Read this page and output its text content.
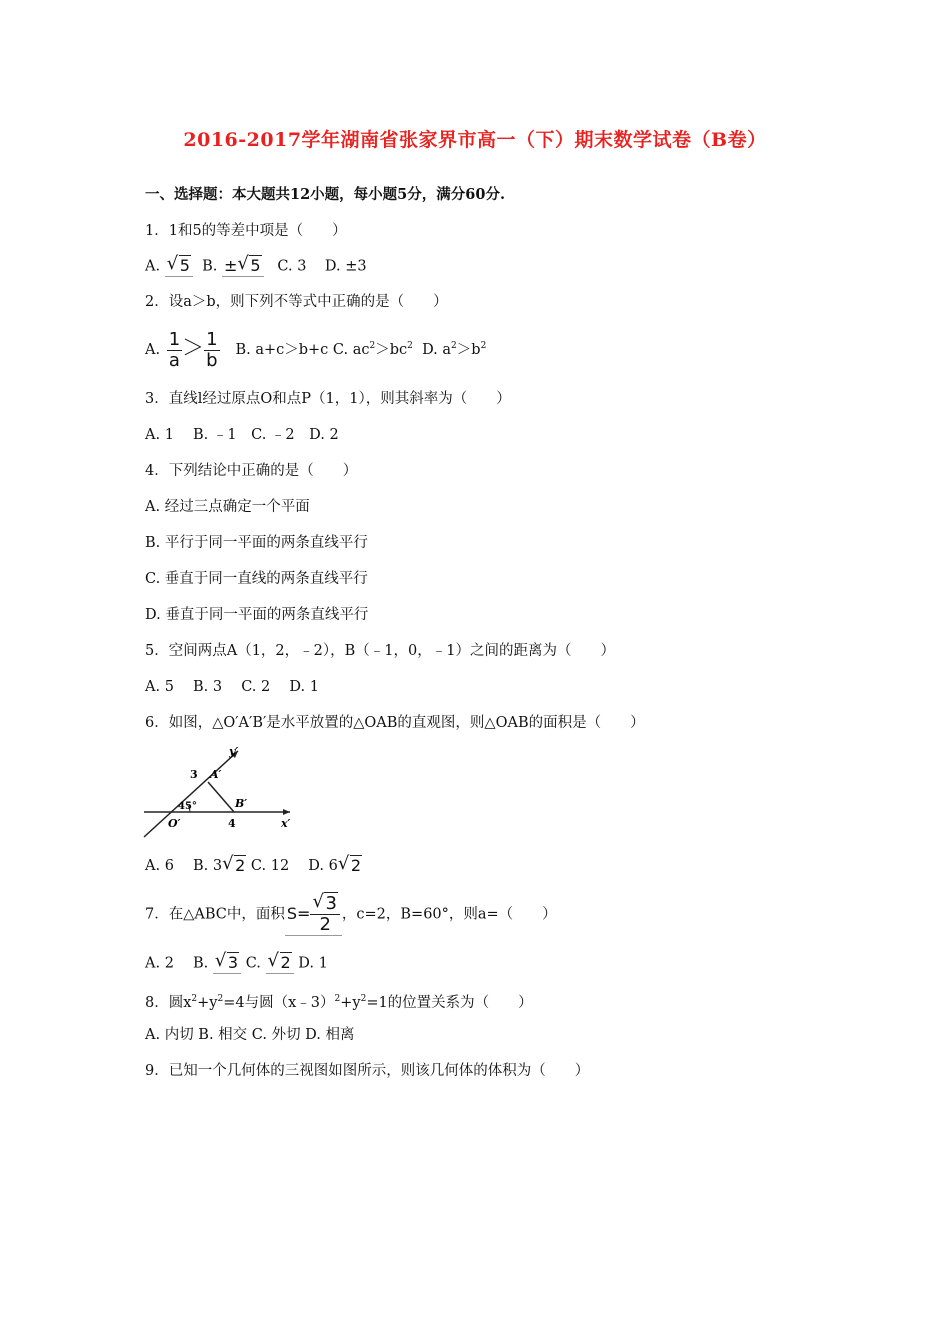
2016-2017学年湖南省张家界市高一（下）期末数学试卷（B卷）
一、选择题：本大题共12小题，每小题5分，满分60分.
1．1和5的等差中项是（　　）
A. √ 5 B. ± √ 5 C. 3 D. ±3
2．设a＞b，则下列不等式中正确的是（　　）
A. $\frac{1}{a} > \frac{1}{b} B$. a+c＞b+c C. $ac^2>bc^2$ D. $a^2>b^2$
3．直线l经过原点O和点P（1，1），则其斜率为（　　）
A. 1　 B. ﹣1　C. ﹣2　D. 2
4．下列结论中正确的是（　　）
A. 经过三点确定一个平面
B. 平行于同一平面的两条直线平行
C. 垂直于同一直线的两条直线平行
D. 垂直于同一平面的两条直线平行
5．空间两点A（1，2，﹣2），B（﹣1，0，﹣1）之间的距离为（　　）
A. 5　 B. 3　 C. 2　 D. 1
6．如图，△O′A′B′是水平放置的△OAB的直观图，则△OAB的面积是（　　）
y′
A′
3
45°	B′
O′	4	x′
A. 6　 B. 3 √ 2 C. 12　 D. 6 √ 2
7．在△ABC中，面积 S= √ $\frac{3}{2}$ ，c=2，B=60°，则a=（　　）
A. 2　 B. √ 3 C. √ 2 D. 1
8．圆$x^2+y^2=4$与圆$(x﹣3)^2+y^2=1$的位置关系为（　　）
A. 内切 B. 相交 C. 外切 D. 相离
9．已知一个几何体的三视图如图所示，则该几何体的体积为（　　）
